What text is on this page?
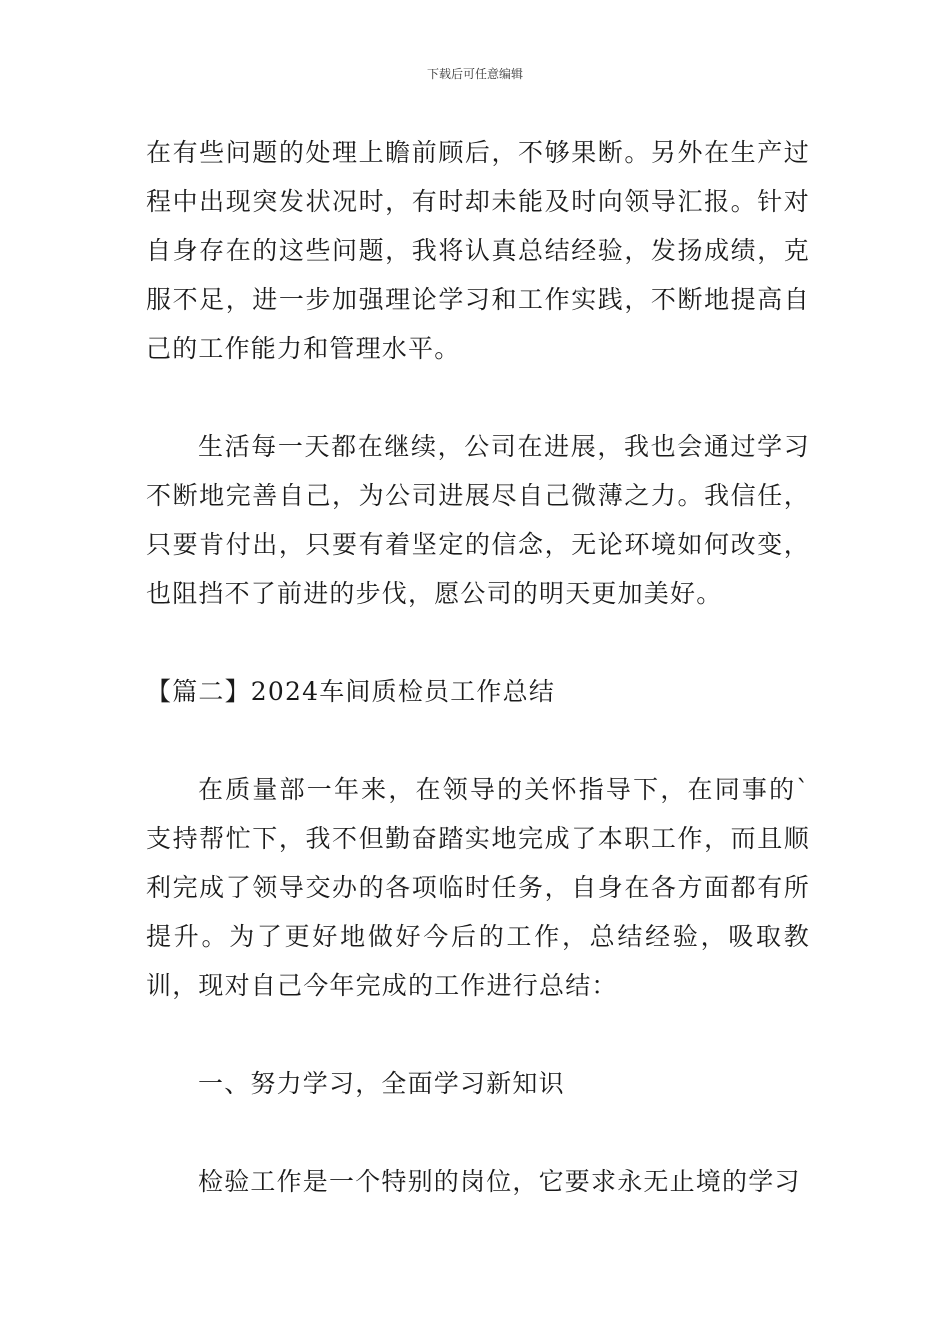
下载后可任意编辑

在有些问题的处理上瞻前顾后，不够果断。另外在生产过程中出现突发状况时，有时却未能及时向领导汇报。针对自身存在的这些问题，我将认真总结经验，发扬成绩，克服不足，进一步加强理论学习和工作实践，不断地提高自己的工作能力和管理水平。

生活每一天都在继续，公司在进展，我也会通过学习不断地完善自己，为公司进展尽自己微薄之力。我信任，只要肯付出，只要有着坚定的信念，无论环境如何改变，也阻挡不了前进的步伐，愿公司的明天更加美好。

【篇二】2024车间质检员工作总结

在质量部一年来，在领导的关怀指导下，在同事的`支持帮忙下，我不但勤奋踏实地完成了本职工作，而且顺利完成了领导交办的各项临时任务，自身在各方面都有所提升。为了更好地做好今后的工作，总结经验，吸取教训，现对自己今年完成的工作进行总结：

一、努力学习，全面学习新知识

检验工作是一个特别的岗位，它要求永无止境的学习
